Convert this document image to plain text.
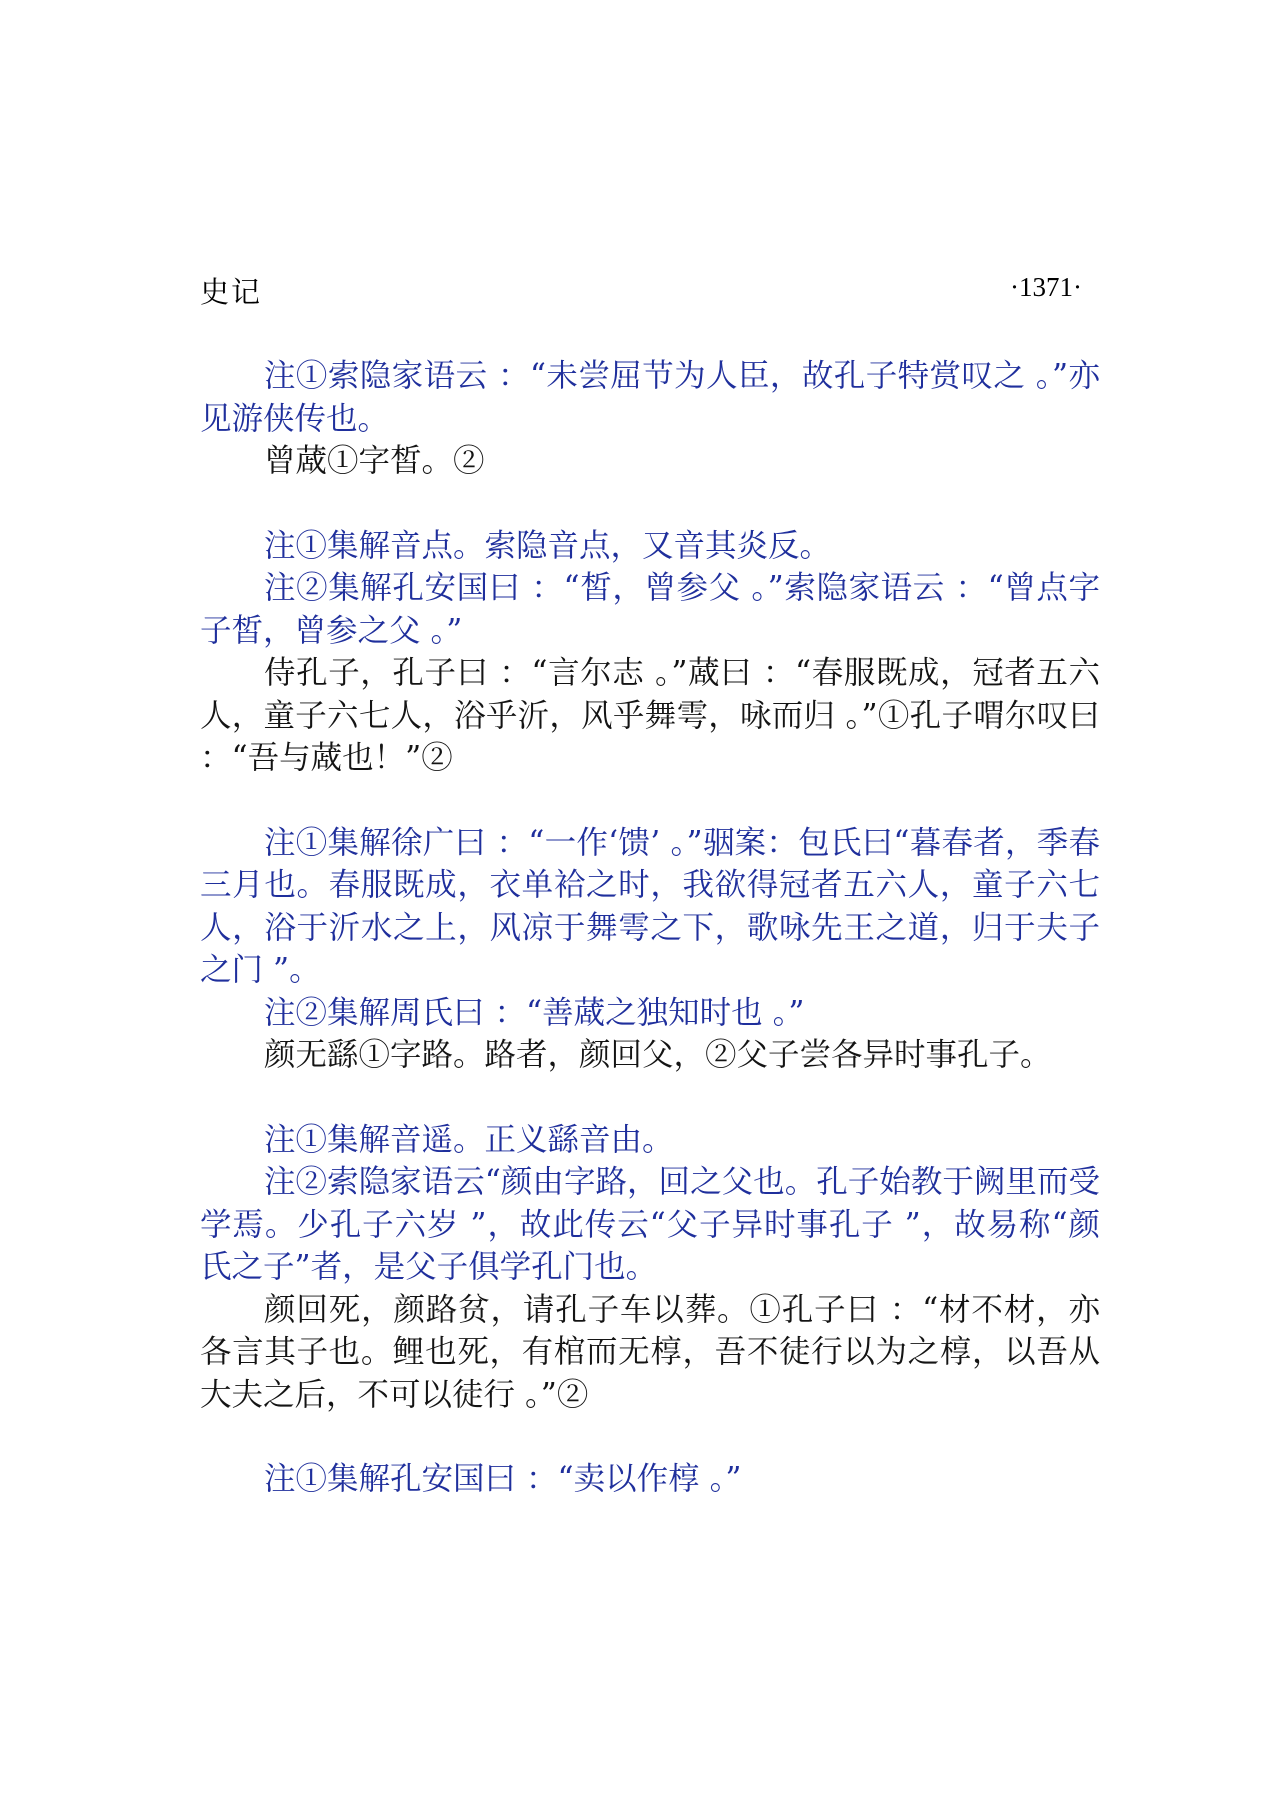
史记	·1371·

注①索隐家语云 ：“未尝屈节为人臣，故孔子特赏叹之 。”亦见游侠传也。

曾蒧①字皙。②

注①集解音点。索隐音点，又音其炎反。

注②集解孔安国曰 ：“皙，曾参父 。”索隐家语云 ：“曾点字子皙，曾参之父 。”

侍孔子，孔子曰 ：“言尔志 。”蒧曰 ：“春服既成，冠者五六人，童子六七人，浴乎沂，风乎舞雩，咏而归 。”①孔子喟尔叹曰 ：“吾与蒧也！”②

注①集解徐广曰 ：“一作‘馈’ 。”骃案：包氏曰“暮春者，季春三月也。春服既成，衣单袷之时，我欲得冠者五六人，童子六七人，浴于沂水之上，风凉于舞雩之下，歌咏先王之道，归于夫子之门 ”。

注②集解周氏曰 ：“善蒧之独知时也 。”

颜无繇①字路。路者，颜回父，②父子尝各异时事孔子。

注①集解音遥。正义繇音由。

注②索隐家语云“颜由字路，回之父也。孔子始教于阙里而受学焉。少孔子六岁 ”，故此传云“父子异时事孔子 ”，故易称“颜氏之子”者，是父子俱学孔门也。

颜回死，颜路贫，请孔子车以葬。①孔子曰 ：“材不材，亦各言其子也。鲤也死，有棺而无椁，吾不徒行以为之椁，以吾从大夫之后，不可以徒行 。”②

注①集解孔安国曰 ：“卖以作椁 。”
